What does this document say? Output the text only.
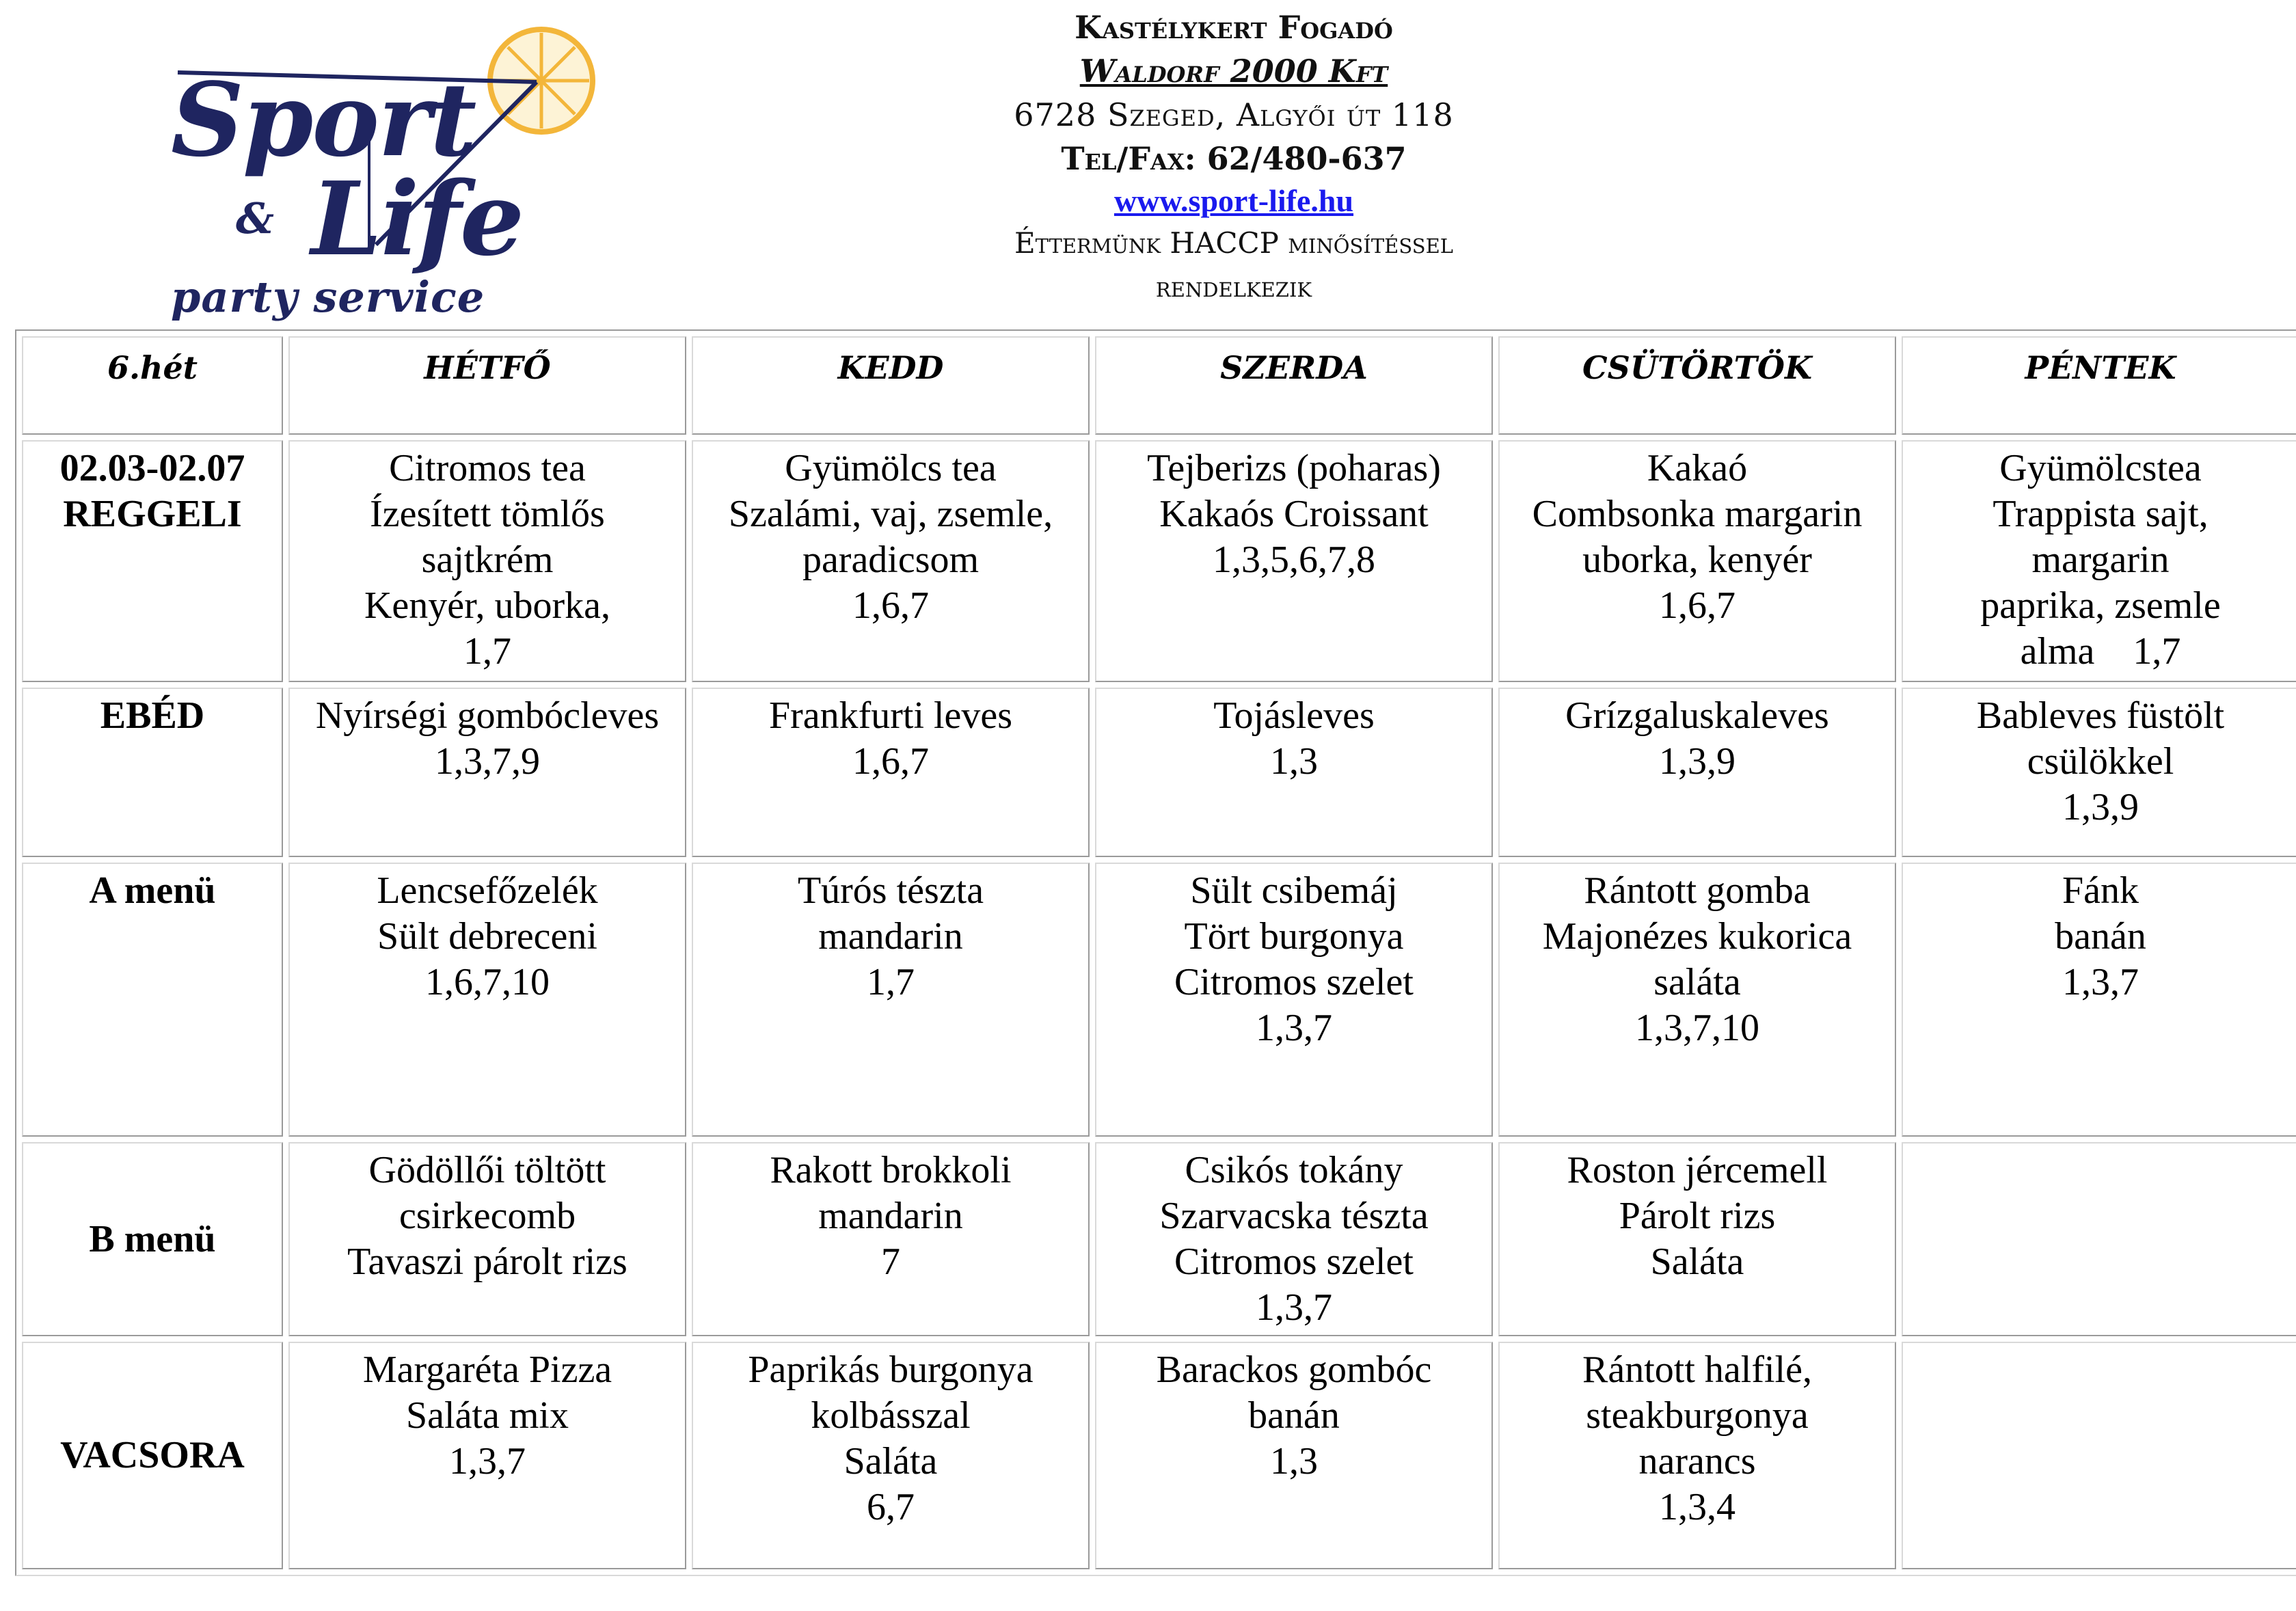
Sport
& Life
party service
Kastélykert Fogadó
Waldorf 2000 Kft
6728 Szeged, Algyői út 118
Tel/Fax: 62/480-637
www.sport-life.hu
Éttermünk HACCP minősítéssel
rendelkezik
6.hét	HÉTFŐ	KEDD	SZERDA	CSÜTÖRTÖK	PÉNTEK

02.03-02.07
REGGELI	Citromos tea
Ízesített tömlős
sajtkrém
Kenyér, uborka,
1,7	Gyümölcs tea
Szalámi, vaj, zsemle,
paradicsom
1,6,7	Tejberizs (poharas)
Kakaós Croissant
1,3,5,6,7,8	Kakaó
Combsonka margarin
uborka, kenyér
1,6,7	Gyümölcstea
Trappista sajt,
margarin
paprika, zsemle
alma    1,7

EBÉD	Nyírségi gombócleves
1,3,7,9	Frankfurti leves
1,6,7	Tojásleves
1,3	Grízgaluskaleves
1,3,9	Bableves füstölt
csülökkel
1,3,9

A menü	Lencsefőzelék
Sült debreceni
1,6,7,10	Túrós tészta
mandarin
1,7	Sült csibemáj
Tört burgonya
Citromos szelet
1,3,7	Rántott gomba
Majonézes kukorica
saláta
1,3,7,10	Fánk
banán
1,3,7

B menü	Gödöllői töltött
csirkecomb
Tavaszi párolt rizs	Rakott brokkoli
mandarin
7	Csikós tokány
Szarvacska tészta
Citromos szelet
1,3,7	Roston jércemell
Párolt rizs
Saláta	

VACSORA	Margaréta Pizza
Saláta mix
1,3,7	Paprikás burgonya
kolbásszal
Saláta
6,7	Barackos gombóc
banán
1,3	Rántott halfilé,
steakburgonya
narancs
1,3,4	
